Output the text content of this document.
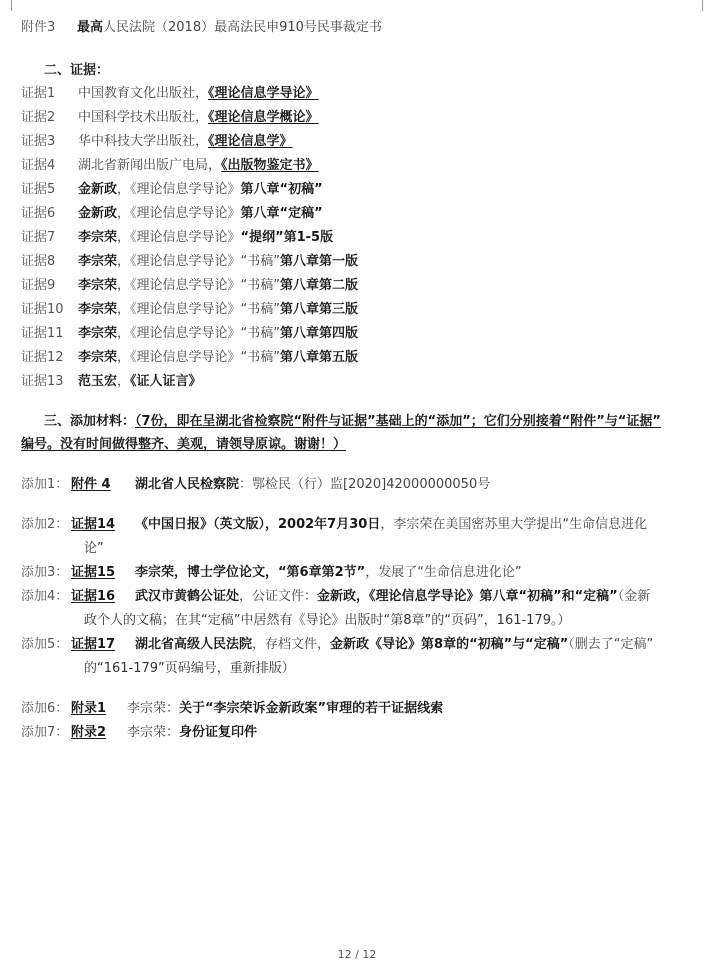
附件3 最高人民法院（2018）最高法民申910号民事裁定书
二、证据：
证据1 中国教育文化出版社，《理论信息学导论》
证据2 中国科学技术出版社，《理论信息学概论》
证据3 华中科技大学出版社，《理论信息学》
证据4 湖北省新闻出版广电局，《出版物鉴定书》
证据5 金新政，《理论信息学导论》第八章“初稿”
证据6 金新政，《理论信息学导论》第八章“定稿”
证据7 李宗荣，《理论信息学导论》“提纲”第1-5版
证据8 李宗荣，《理论信息学导论》“书稿”第八章第一版
证据9 李宗荣，《理论信息学导论》“书稿”第八章第二版
证据10 李宗荣，《理论信息学导论》“书稿”第八章第三版
证据11 李宗荣，《理论信息学导论》“书稿”第八章第四版
证据12 李宗荣，《理论信息学导论》“书稿”第八章第五版
证据13 范玉宏，《证人证言》
三、添加材料：（7份，即在呈湖北省检察院“附件与证据”基础上的“添加”；它们分别接着“附件”与“证据”
编号。没有时间做得整齐、美观，请领导原谅。谢谢！）
添加1： 附件 4 湖北省人民检察院：鄂检民（行）监[2020]42000000050号
添加2： 证据14 《中国日报》（英文版），2002年7月30日，李宗荣在美国密苏里大学提出“生命信息进化
论”
添加3： 证据15 李宗荣，博士学位论文，“第6章第2节”，发展了“生命信息进化论”
添加4： 证据16 武汉市黄鹤公证处，公证文件：金新政，《理论信息学导论》第八章“初稿”和“定稿”（金新
政个人的文稿；在其“定稿”中居然有《导论》出版时“第8章”的“页码”，161-179。）
添加5： 证据17 湖北省高级人民法院，存档文件，金新政《导论》第8章的“初稿”与“定稿”（删去了“定稿”
的“161-179”页码编号，重新排版）
添加6： 附录1 李宗荣：关于“李宗荣诉金新政案”审理的若干证据线索
添加7： 附录2 李宗荣：身份证复印件
12 / 12
